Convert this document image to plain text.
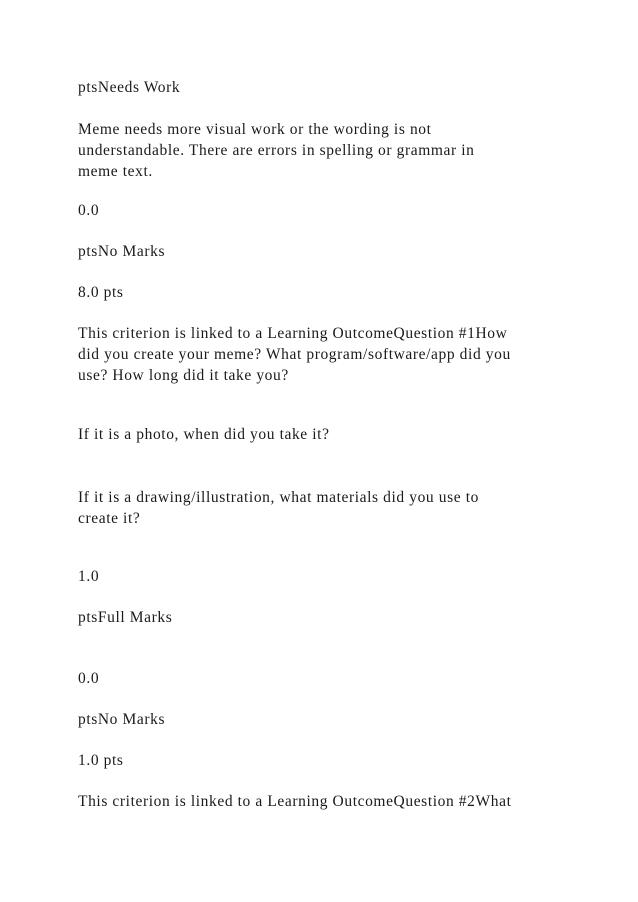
ptsNeeds Work
Meme needs more visual work or the wording is not
understandable. There are errors in spelling or grammar in
meme text.
0.0
ptsNo Marks
8.0 pts
This criterion is linked to a Learning OutcomeQuestion #1How
did you create your meme? What program/software/app did you
use? How long did it take you?
If it is a photo, when did you take it?
If it is a drawing/illustration, what materials did you use to
create it?
1.0
ptsFull Marks
0.0
ptsNo Marks
1.0 pts
This criterion is linked to a Learning OutcomeQuestion #2What
